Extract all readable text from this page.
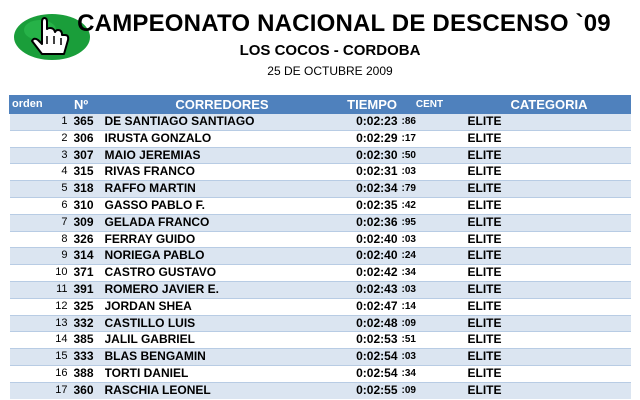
CAMPEONATO NACIONAL DE DESCENSO `09
LOS COCOS - CORDOBA
25 DE OCTUBRE 2009
orden	Nº	CORREDORES	TIEMPO	CENT	CATEGORIA
1	365	DE SANTIAGO SANTIAGO	0:02:23	:86	ELITE
2	306	IRUSTA GONZALO	0:02:29	:17	ELITE
3	307	MAIO JEREMIAS	0:02:30	:50	ELITE
4	315	RIVAS FRANCO	0:02:31	:03	ELITE
5	318	RAFFO MARTIN	0:02:34	:79	ELITE
6	310	GASSO PABLO F.	0:02:35	:42	ELITE
7	309	GELADA FRANCO	0:02:36	:95	ELITE
8	326	FERRAY GUIDO	0:02:40	:03	ELITE
9	314	NORIEGA PABLO	0:02:40	:24	ELITE
10	371	CASTRO GUSTAVO	0:02:42	:34	ELITE
11	391	ROMERO JAVIER E.	0:02:43	:03	ELITE
12	325	JORDAN SHEA	0:02:47	:14	ELITE
13	332	CASTILLO LUIS	0:02:48	:09	ELITE
14	385	JALIL GABRIEL	0:02:53	:51	ELITE
15	333	BLAS BENGAMIN	0:02:54	:03	ELITE
16	388	TORTI DANIEL	0:02:54	:34	ELITE
17	360	RASCHIA LEONEL	0:02:55	:09	ELITE
